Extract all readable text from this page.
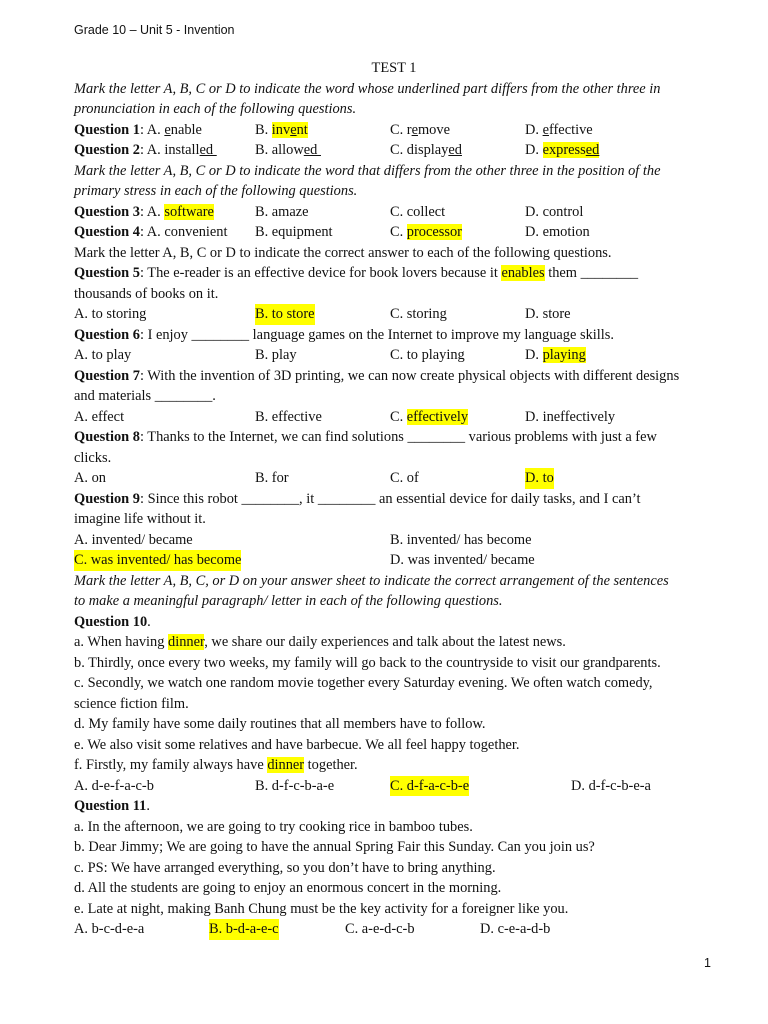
Grade 10 – Unit 5 - Invention
TEST 1
Mark the letter A, B, C or D to indicate the word whose underlined part differs from the other three in
pronunciation in each of the following questions.
Question 1: A. enable	B. invent	C. remove	D. effective
Question 2: A. installed	B. allowed	C. displayed	D. expressed
Mark the letter A, B, C or D to indicate the word that differs from the other three in the position of the
primary stress in each of the following questions.
Question 3: A. software	B. amaze	C. collect	D. control
Question 4: A. convenient B. equipment	C. processor	D. emotion
Mark the letter A, B, C or D to indicate the correct answer to each of the following questions.
Question 5: The e-reader is an effective device for book lovers because it enables them ________
thousands of books on it.
A. to storing	B. to store	C. storing	D. store
Question 6: I enjoy ________ language games on the Internet to improve my language skills.
A. to play	B. play	C. to playing	D. playing
Question 7: With the invention of 3D printing, we can now create physical objects with different designs
and materials ________.
A. effect	B. effective	C. effectively	D. ineffectively
Question 8: Thanks to the Internet, we can find solutions ________ various problems with just a few
clicks.
A. on	B. for	C. of	D. to
Question 9: Since this robot ________, it ________ an essential device for daily tasks, and I can’t
imagine life without it.
A. invented/ became	B. invented/ has become
C. was invented/ has become	D. was invented/ became
Mark the letter A, B, C, or D on your answer sheet to indicate the correct arrangement of the sentences
to make a meaningful paragraph/ letter in each of the following questions.
Question 10.
a. When having dinner, we share our daily experiences and talk about the latest news.
b. Thirdly, once every two weeks, my family will go back to the countryside to visit our grandparents.
c. Secondly, we watch one random movie together every Saturday evening. We often watch comedy,
science fiction film.
d. My family have some daily routines that all members have to follow.
e. We also visit some relatives and have barbecue. We all feel happy together.
f. Firstly, my family always have dinner together.
A. d-e-f-a-c-b	B. d-f-c-b-a-e	C. d-f-a-c-b-e	D. d-f-c-b-e-a
Question 11.
a. In the afternoon, we are going to try cooking rice in bamboo tubes.
b. Dear Jimmy; We are going to have the annual Spring Fair this Sunday. Can you join us?
c. PS: We have arranged everything, so you don’t have to bring anything.
d. All the students are going to enjoy an enormous concert in the morning.
e. Late at night, making Banh Chung must be the key activity for a foreigner like you.
A. b-c-d-e-a	B. b-d-a-e-c	C. a-e-d-c-b	D. c-e-a-d-b
1
